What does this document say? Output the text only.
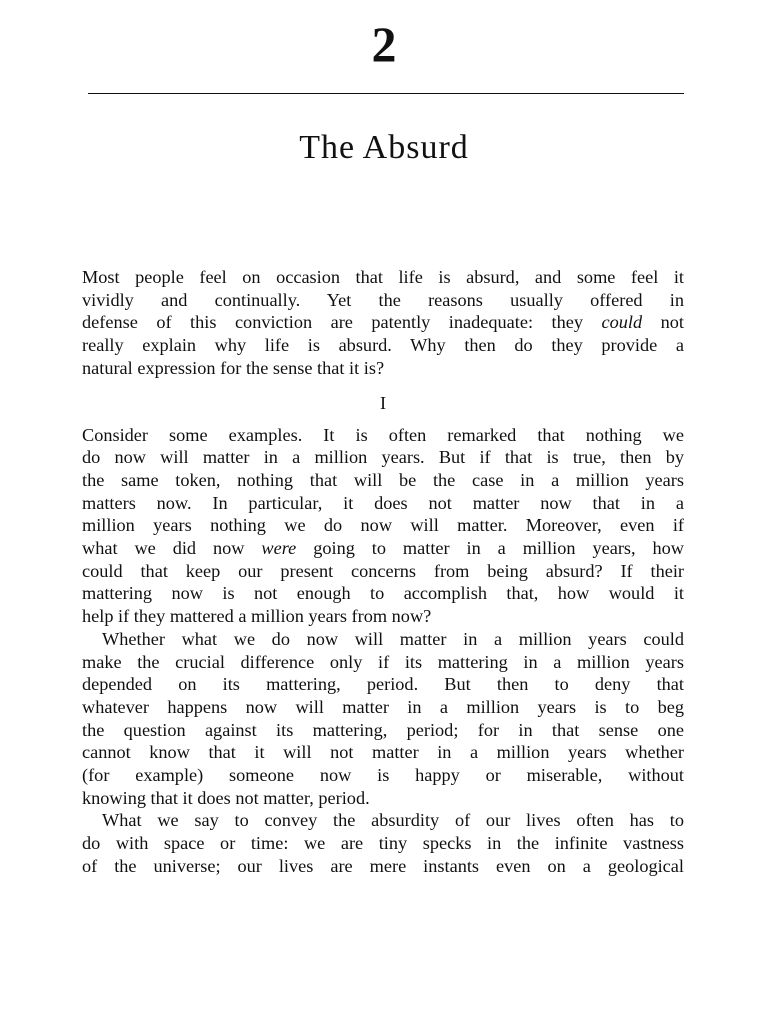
2
The Absurd
Most people feel on occasion that life is absurd, and some feel it
vividly and continually. Yet the reasons usually offered in
defense of this conviction are patently inadequate: they could not
really explain why life is absurd. Why then do they provide a
natural expression for the sense that it is?
I
Consider some examples. It is often remarked that nothing we
do now will matter in a million years. But if that is true, then by
the same token, nothing that will be the case in a million years
matters now. In particular, it does not matter now that in a
million years nothing we do now will matter. Moreover, even if
what we did now were going to matter in a million years, how
could that keep our present concerns from being absurd? If their
mattering now is not enough to accomplish that, how would it
help if they mattered a million years from now?
Whether what we do now will matter in a million years could
make the crucial difference only if its mattering in a million years
depended on its mattering, period. But then to deny that
whatever happens now will matter in a million years is to beg
the question against its mattering, period; for in that sense one
cannot know that it will not matter in a million years whether
(for example) someone now is happy or miserable, without
knowing that it does not matter, period.
What we say to convey the absurdity of our lives often has to
do with space or time: we are tiny specks in the infinite vastness
of the universe; our lives are mere instants even on a geological
